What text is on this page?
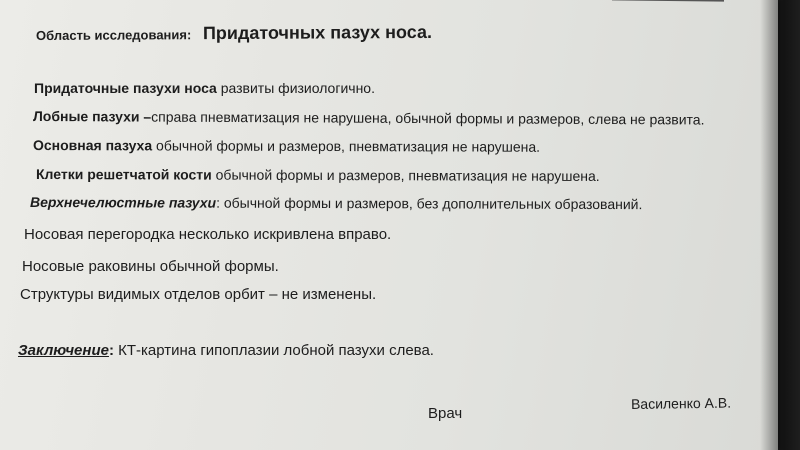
Область исследования: Придаточных пазух носа.
Придаточные пазухи носа развиты физиологично.
Лобные пазухи –справа пневматизация не нарушена, обычной формы и размеров, слева не развита.
Основная пазуха обычной формы и размеров, пневматизация не нарушена.
Клетки решетчатой кости обычной формы и размеров, пневматизация не нарушена.
Верхнечелюстные пазухи: обычной формы и размеров, без дополнительных образований.
Носовая перегородка несколько искривлена вправо.
Носовые раковины обычной формы.
Структуры видимых отделов орбит – не изменены.
Заключение: КТ-картина гипоплазии лобной пазухи слева.
Врач
Василенко А.В.
